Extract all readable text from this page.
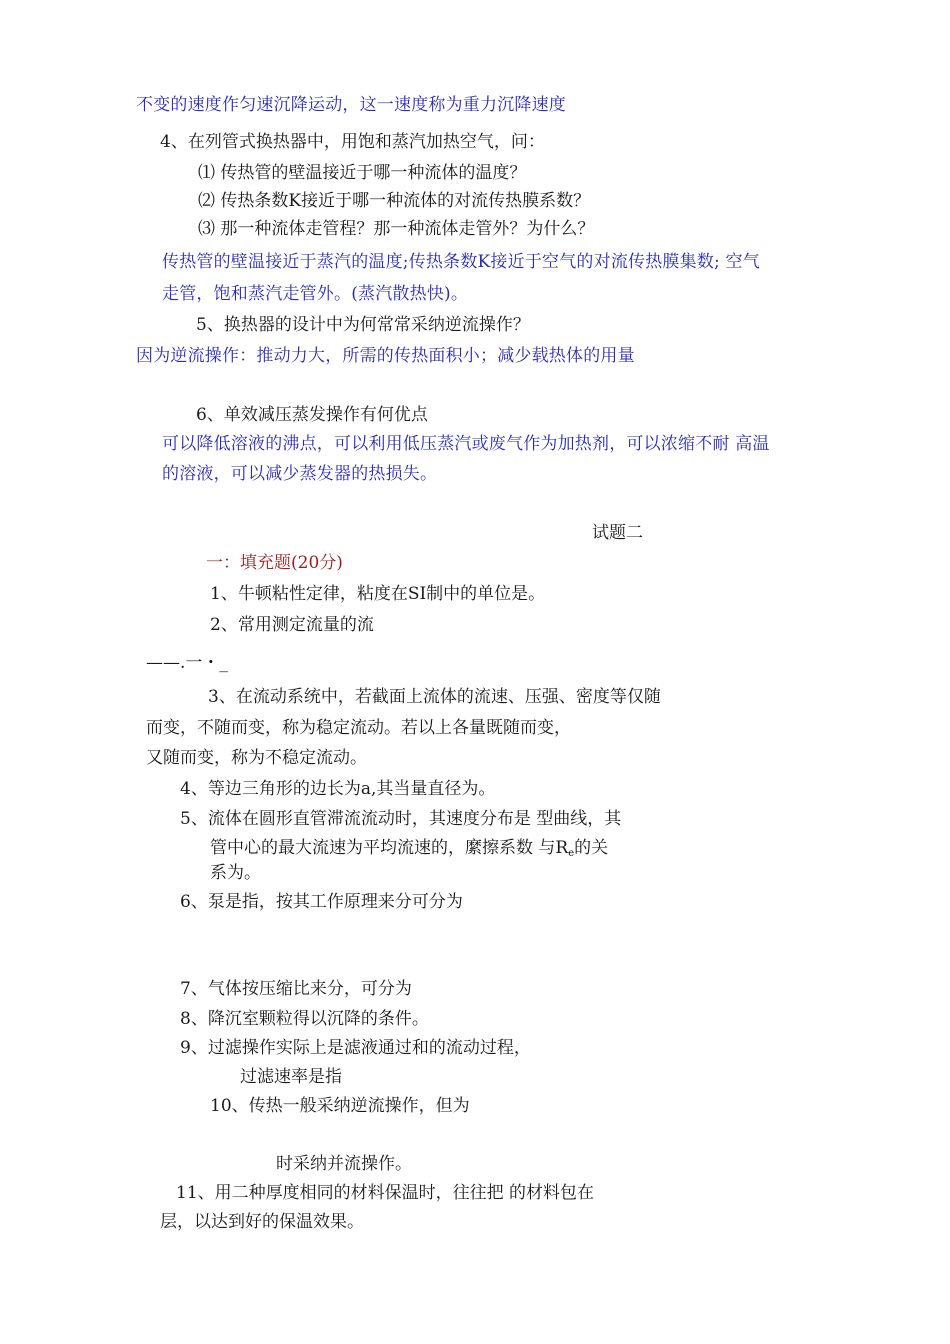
不变的速度作匀速沉降运动，这一速度称为重力沉降速度
4、在列管式换热器中，用饱和蒸汽加热空气，问：
⑴ 传热管的壁温接近于哪一种流体的温度？
⑵ 传热条数K接近于哪一种流体的对流传热膜系数？
⑶ 那一种流体走管程？那一种流体走管外？为什么？
传热管的壁温接近于蒸汽的温度;传热条数K接近于空气的对流传热膜集数; 空气
走管，饱和蒸汽走管外。(蒸汽散热快)。
5、换热器的设计中为何常常采纳逆流操作？
因为逆流操作：推动力大，所需的传热面积小；减少载热体的用量
6、单效减压蒸发操作有何优点
可以降低溶液的沸点，可以利用低压蒸汽或废气作为加热剂，可以浓缩不耐 高温
的溶液，可以减少蒸发器的热损失。
试题二
一：填充题(20分)
1、牛顿粘性定律，粘度在SI制中的单位是。
2、常用测定流量的流
——.一・_
3、在流动系统中，若截面上流体的流速、压强、密度等仅随
而变，不随而变，称为稳定流动。若以上各量既随而变，
又随而变，称为不稳定流动。
4、等边三角形的边长为a,其当量直径为。
5、流体在圆形直管滞流流动时，其速度分布是 型曲线，其
管中心的最大流速为平均流速的，縻擦系数 与$R_e$的关
系为。
6、泵是指，按其工作原理来分可分为
7、气体按压缩比来分，可分为
8、降沉室颗粒得以沉降的条件。
9、过滤操作实际上是滤液通过和的流动过程，
过滤速率是指
10、传热一般采纳逆流操作，但为
时采纳并流操作。
11、用二种厚度相同的材料保温时，往往把 的材料包在
层，以达到好的保温效果。
